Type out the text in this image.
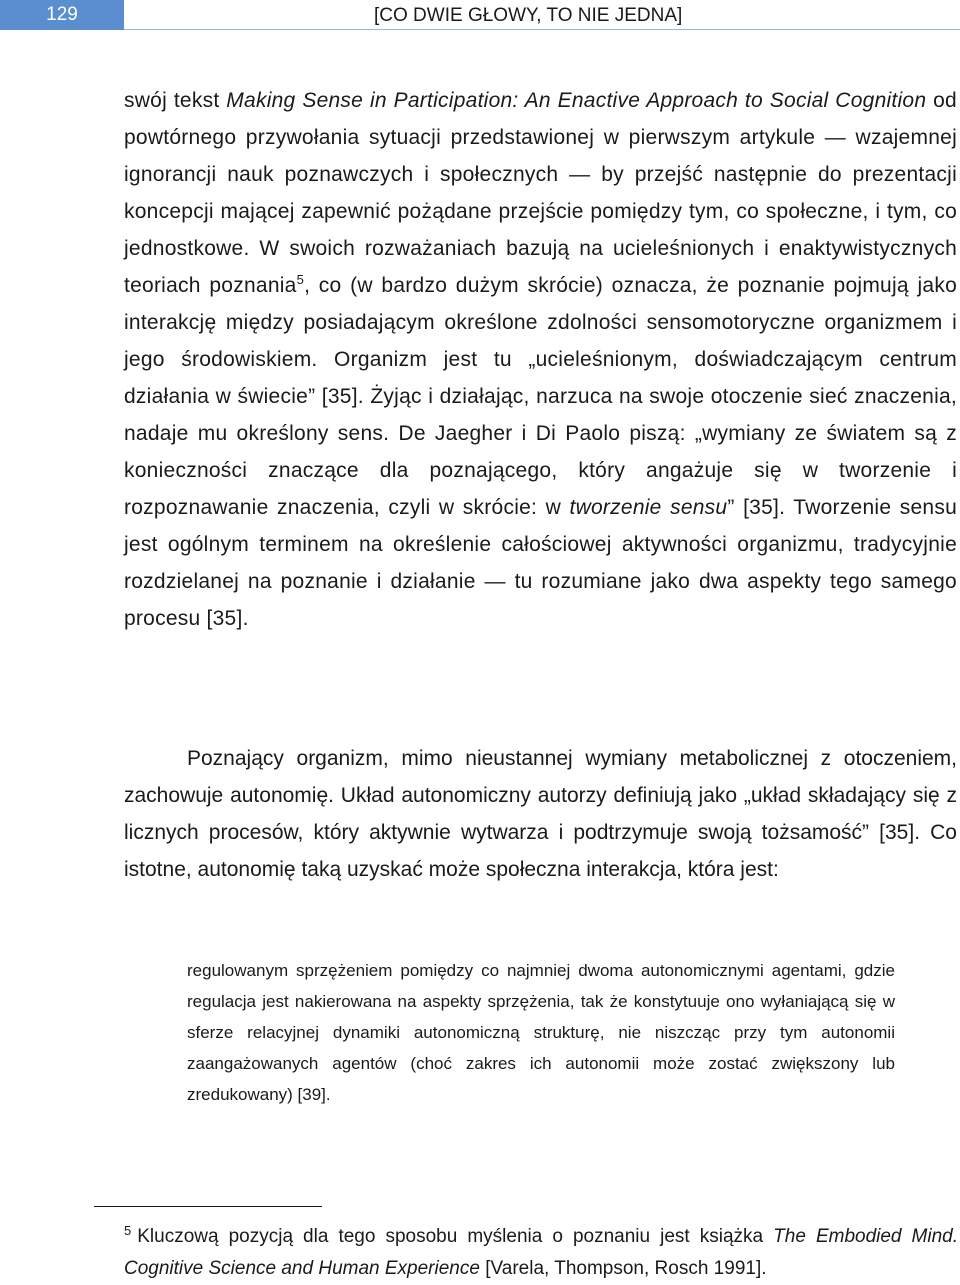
129	[CO DWIE GŁOWY, TO NIE JEDNA]
swój tekst Making Sense in Participation: An Enactive Approach to Social Cognition od powtórnego przywołania sytuacji przedstawionej w pierwszym artykule — wzajemnej ignorancji nauk poznawczych i społecznych — by przejść następnie do prezentacji koncepcji mającej zapewnić pożądane przejście pomiędzy tym, co społeczne, i tym, co jednostkowe. W swoich rozważaniach bazują na ucieleśnionych i enaktywistycznych teoriach poznania$^5$, co (w bardzo dużym skrócie) oznacza, że poznanie pojmują jako interakcję między posiadającym określone zdolności sensomotoryczne organizmem i jego środowiskiem. Organizm jest tu „ucieleśnionym, doświadczającym centrum działania w świecie” [35]. Żyjąc i działając, narzuca na swoje otoczenie sieć znaczenia, nadaje mu określony sens. De Jaegher i Di Paolo piszą: „wymiany ze światem są z konieczności znaczące dla poznającego, który angażuje się w tworzenie i rozpoznawanie znaczenia, czyli w skrócie: w tworzenie sensu” [35]. Tworzenie sensu jest ogólnym terminem na określenie całościowej aktywności organizmu, tradycyjnie rozdzielanej na poznanie i działanie — tu rozumiane jako dwa aspekty tego samego procesu [35].
Poznający organizm, mimo nieustannej wymiany metabolicznej z otoczeniem, zachowuje autonomię. Układ autonomiczny autorzy definiują jako „układ składający się z licznych procesów, który aktywnie wytwarza i podtrzymuje swoją tożsamość” [35]. Co istotne, autonomię taką uzyskać może społeczna interakcja, która jest:
regulowanym sprzężeniem pomiędzy co najmniej dwoma autonomicznymi agentami, gdzie regulacja jest nakierowana na aspekty sprzężenia, tak że konstytuuje ono wyłaniającą się w sferze relacyjnej dynamiki autonomiczną strukturę, nie niszcząc przy tym autonomii zaangażowanych agentów (choć zakres ich autonomii może zostać zwiększony lub zredukowany) [39].
$^5$ Kluczową pozycją dla tego sposobu myślenia o poznaniu jest książka The Embodied Mind. Cognitive Science and Human Experience [Varela, Thompson, Rosch 1991].
